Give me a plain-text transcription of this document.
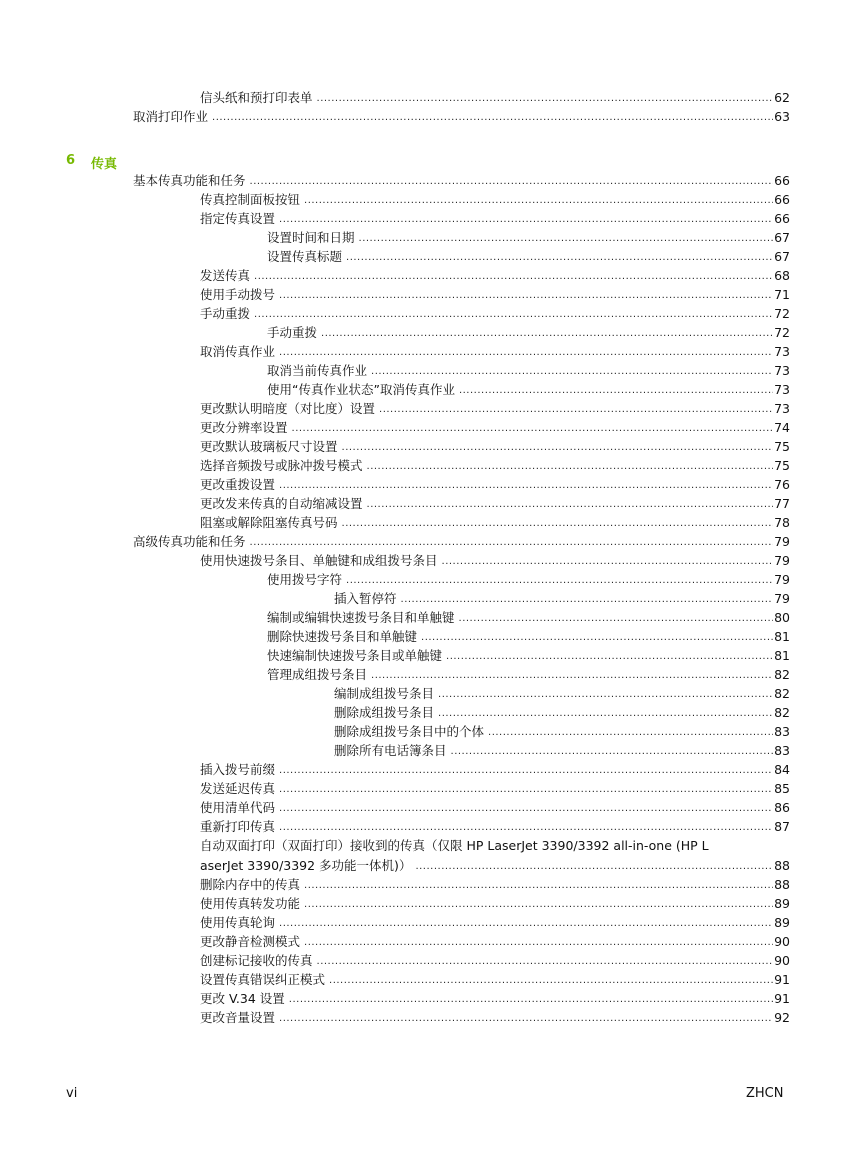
信头纸和预打印表单 .....	62
取消打印作业 .....	63
6 传真
基本传真功能和任务 .....	66
传真控制面板按钮 .....	66
指定传真设置 .....	66
设置时间和日期 .....	67
设置传真标题 .....	67
发送传真 .....	68
使用手动拨号 .....	71
手动重拨 .....	72
手动重拨 .....	72
取消传真作业 .....	73
取消当前传真作业 .....	73
使用“传真作业状态”取消传真作业 .....	73
更改默认明暗度（对比度）设置 .....	73
更改分辨率设置 .....	74
更改默认玻璃板尺寸设置 .....	75
选择音频拨号或脉冲拨号模式 .....	75
更改重拨设置 .....	76
更改发来传真的自动缩减设置 .....	77
阻塞或解除阻塞传真号码 .....	78
高级传真功能和任务 .....	79
使用快速拨号条目、单触键和成组拨号条目 .....	79
使用拨号字符 .....	79
插入暂停符 .....	79
编制或编辑快速拨号条目和单触键 .....	80
删除快速拨号条目和单触键 .....	81
快速编制快速拨号条目或单触键 .....	81
管理成组拨号条目 .....	82
编制成组拨号条目 .....	82
删除成组拨号条目 .....	82
删除成组拨号条目中的个体 .....	83
删除所有电话簿条目 .....	83
插入拨号前缀 .....	84
发送延迟传真 .....	85
使用清单代码 .....	86
重新打印传真 .....	87
自动双面打印（双面打印）接收到的传真（仅限 HP LaserJet 3390/3392 all-in-one (HP L
aserJet 3390/3392 多功能一体机)） .....	88
删除内存中的传真 .....	88
使用传真转发功能 .....	89
使用传真轮询 .....	89
更改静音检测模式 .....	90
创建标记接收的传真 .....	90
设置传真错误纠正模式 .....	91
更改 V.34 设置 .....	91
更改音量设置 .....	92
vi	ZHCN
